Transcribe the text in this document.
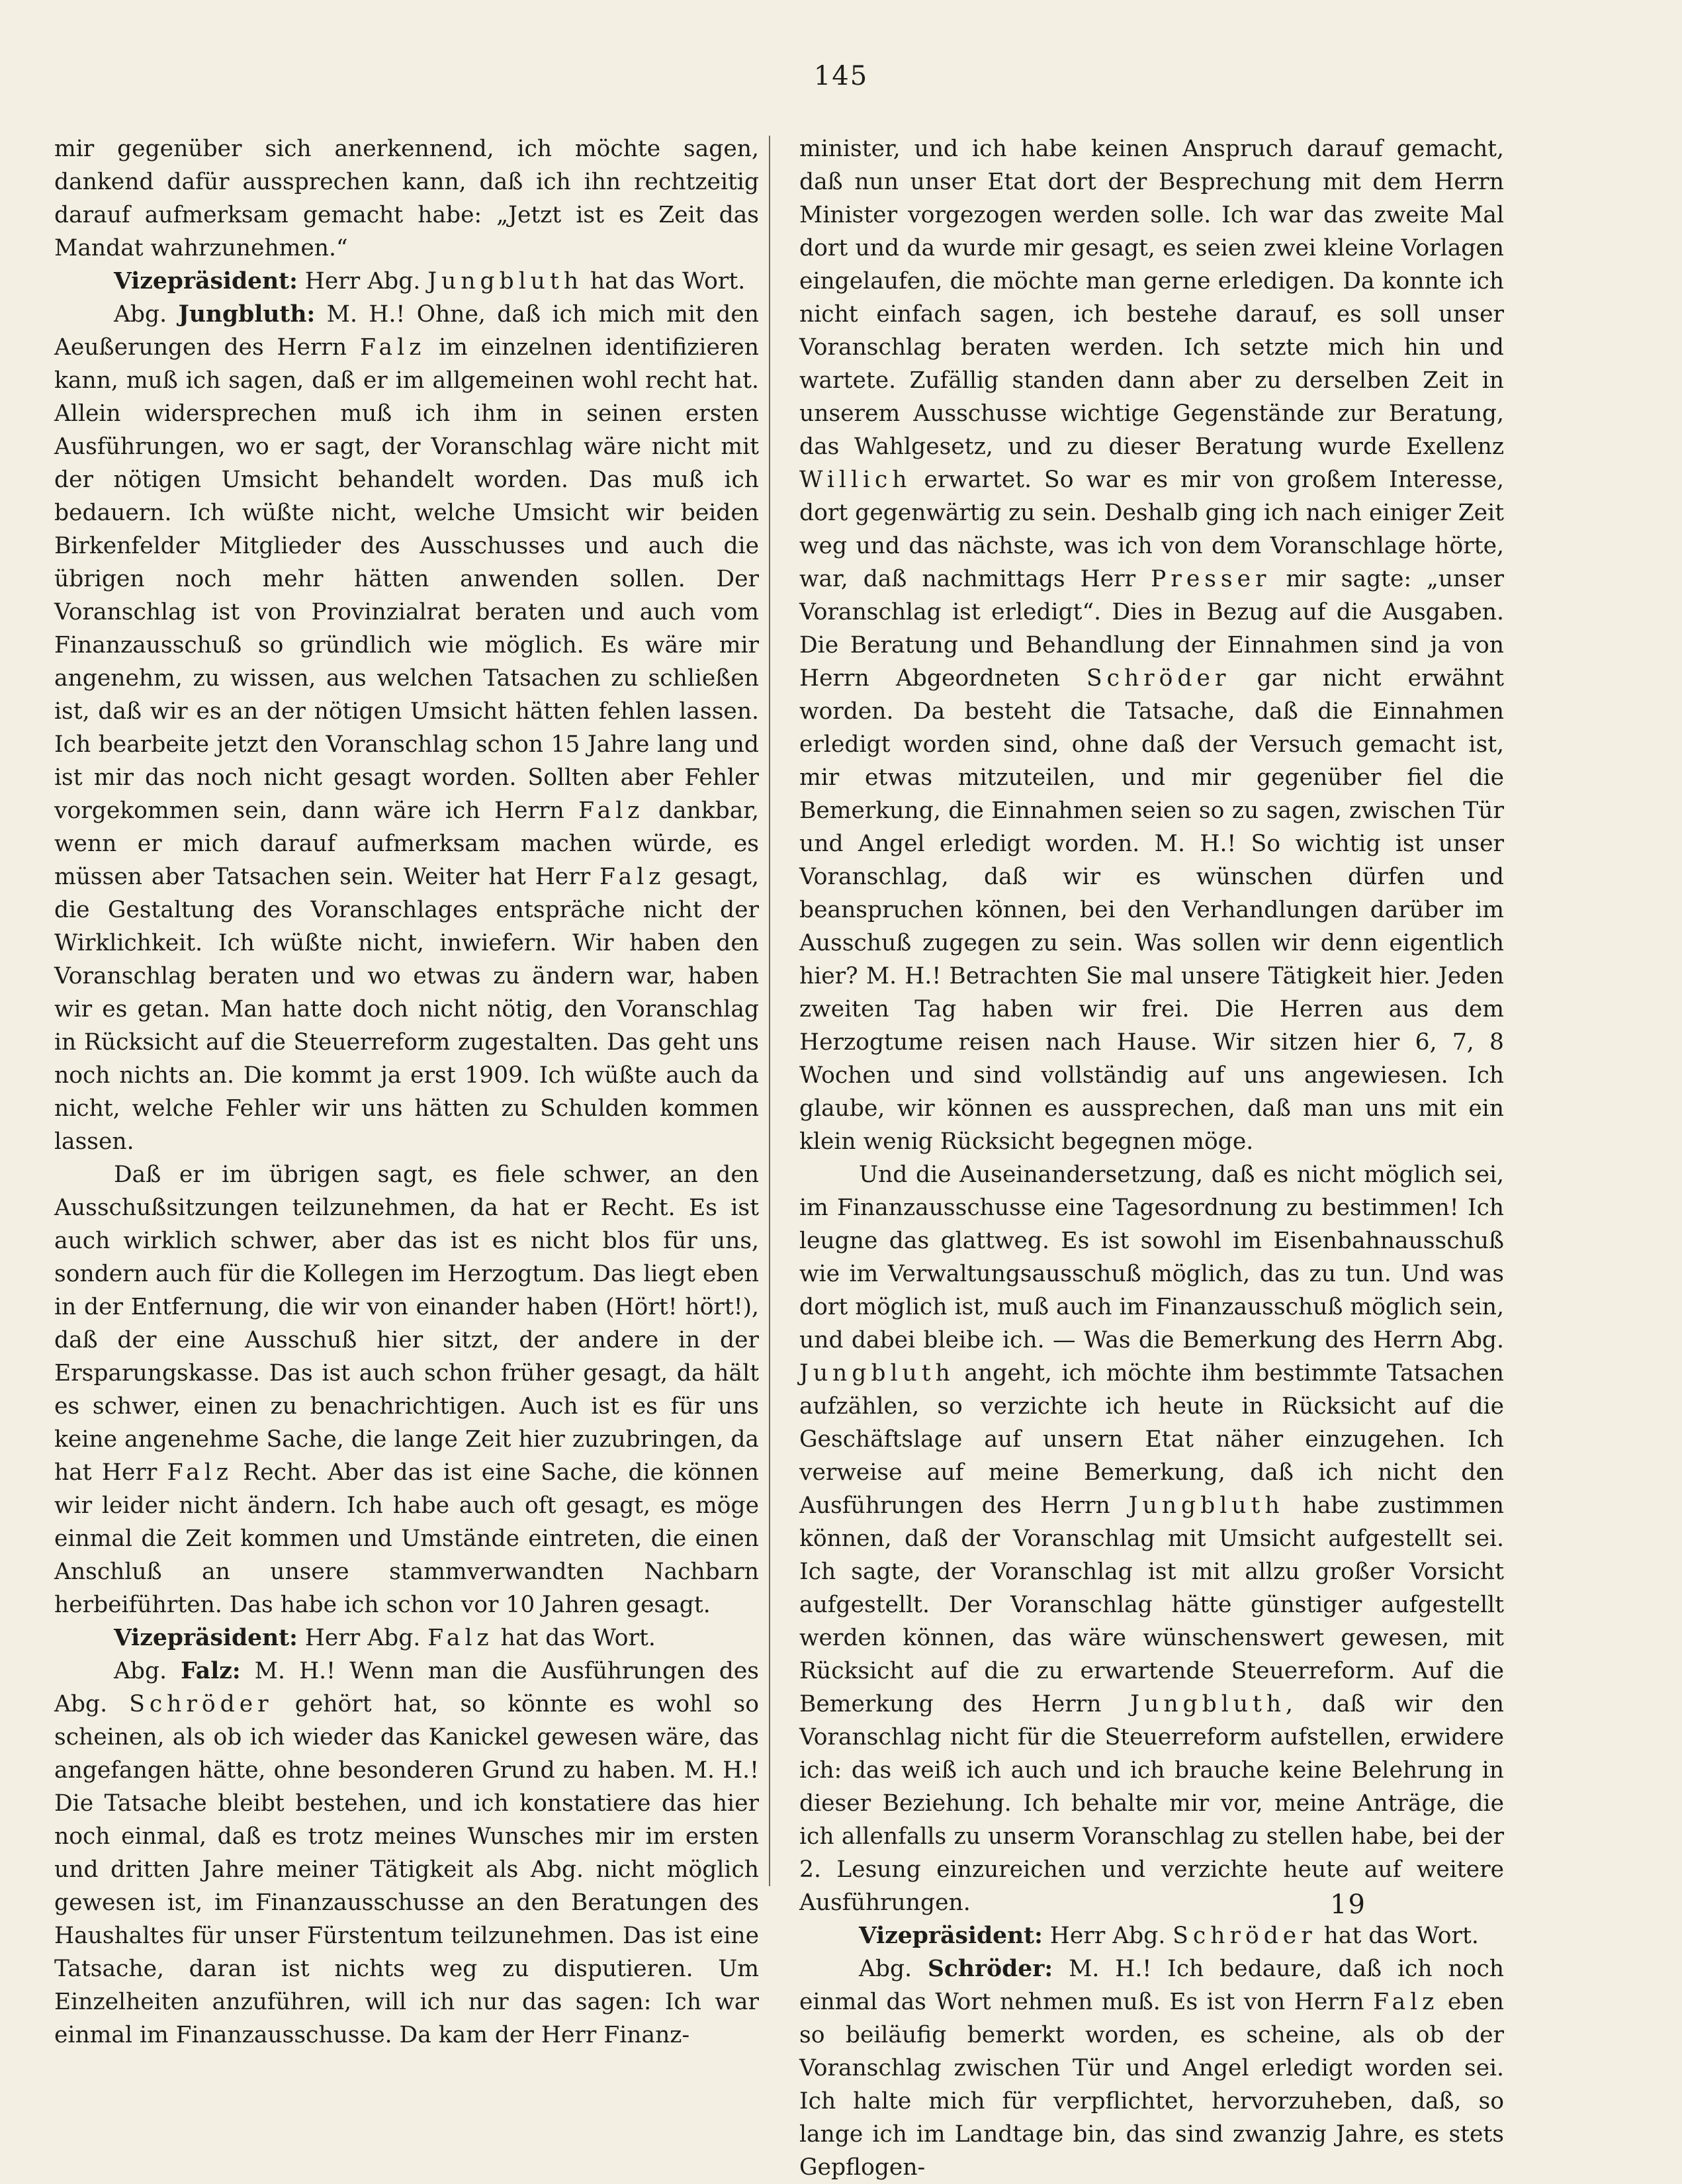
145

mir gegenüber sich anerkennend, ich möchte sagen, dankend dafür aussprechen kann, daß ich ihn rechtzeitig darauf aufmerksam gemacht habe: „Jetzt ist es Zeit das Mandat wahrzunehmen.“

Vizepräsident: Herr Abg. Jungbluth hat das Wort.

Abg. Jungbluth: M. H.! Ohne, daß ich mich mit den Aeußerungen des Herrn Falz im einzelnen identifizieren kann, muß ich sagen, daß er im allgemeinen wohl recht hat. Allein widersprechen muß ich ihm in seinen ersten Ausführungen, wo er sagt, der Voranschlag wäre nicht mit der nötigen Umsicht behandelt worden. Das muß ich bedauern. Ich wüßte nicht, welche Umsicht wir beiden Birkenfelder Mitglieder des Ausschusses und auch die übrigen noch mehr hätten anwenden sollen. Der Voranschlag ist von Provinzialrat beraten und auch vom Finanzausschuß so gründlich wie möglich. Es wäre mir angenehm, zu wissen, aus welchen Tatsachen zu schließen ist, daß wir es an der nötigen Umsicht hätten fehlen lassen. Ich bearbeite jetzt den Voranschlag schon 15 Jahre lang und ist mir das noch nicht gesagt worden. Sollten aber Fehler vorgekommen sein, dann wäre ich Herrn Falz dankbar, wenn er mich darauf aufmerksam machen würde, es müssen aber Tatsachen sein. Weiter hat Herr Falz gesagt, die Gestaltung des Voranschlages entspräche nicht der Wirklichkeit. Ich wüßte nicht, inwiefern. Wir haben den Voranschlag beraten und wo etwas zu ändern war, haben wir es getan. Man hatte doch nicht nötig, den Voranschlag in Rücksicht auf die Steuerreform zugestalten. Das geht uns noch nichts an. Die kommt ja erst 1909. Ich wüßte auch da nicht, welche Fehler wir uns hätten zu Schulden kommen lassen.

Daß er im übrigen sagt, es fiele schwer, an den Ausschußsitzungen teilzunehmen, da hat er Recht. Es ist auch wirklich schwer, aber das ist es nicht blos für uns, sondern auch für die Kollegen im Herzogtum. Das liegt eben in der Entfernung, die wir von einander haben (Hört! hört!), daß der eine Ausschuß hier sitzt, der andere in der Ersparungskasse. Das ist auch schon früher gesagt, da hält es schwer, einen zu benachrichtigen. Auch ist es für uns keine angenehme Sache, die lange Zeit hier zuzubringen, da hat Herr Falz Recht. Aber das ist eine Sache, die können wir leider nicht ändern. Ich habe auch oft gesagt, es möge einmal die Zeit kommen und Umstände eintreten, die einen Anschluß an unsere stammverwandten Nachbarn herbeiführten. Das habe ich schon vor 10 Jahren gesagt.

Vizepräsident: Herr Abg. Falz hat das Wort.

Abg. Falz: M. H.! Wenn man die Ausführungen des Abg. Schröder gehört hat, so könnte es wohl so scheinen, als ob ich wieder das Kanickel gewesen wäre, das angefangen hätte, ohne besonderen Grund zu haben. M. H.! Die Tatsache bleibt bestehen, und ich konstatiere das hier noch einmal, daß es trotz meines Wunsches mir im ersten und dritten Jahre meiner Tätigkeit als Abg. nicht möglich gewesen ist, im Finanzausschusse an den Beratungen des Haushaltes für unser Fürstentum teilzunehmen. Das ist eine Tatsache, daran ist nichts weg zu disputieren. Um Einzelheiten anzuführen, will ich nur das sagen: Ich war einmal im Finanzausschusse. Da kam der Herr Finanz-

minister, und ich habe keinen Anspruch darauf gemacht, daß nun unser Etat dort der Besprechung mit dem Herrn Minister vorgezogen werden solle. Ich war das zweite Mal dort und da wurde mir gesagt, es seien zwei kleine Vorlagen eingelaufen, die möchte man gerne erledigen. Da konnte ich nicht einfach sagen, ich bestehe darauf, es soll unser Voranschlag beraten werden. Ich setzte mich hin und wartete. Zufällig standen dann aber zu derselben Zeit in unserem Ausschusse wichtige Gegenstände zur Beratung, das Wahlgesetz, und zu dieser Beratung wurde Exellenz Willich erwartet. So war es mir von großem Interesse, dort gegenwärtig zu sein. Deshalb ging ich nach einiger Zeit weg und das nächste, was ich von dem Voranschlage hörte, war, daß nachmittags Herr Presser mir sagte: „unser Voranschlag ist erledigt“. Dies in Bezug auf die Ausgaben. Die Beratung und Behandlung der Einnahmen sind ja von Herrn Abgeordneten Schröder gar nicht erwähnt worden. Da besteht die Tatsache, daß die Einnahmen erledigt worden sind, ohne daß der Versuch gemacht ist, mir etwas mitzuteilen, und mir gegenüber fiel die Bemerkung, die Einnahmen seien so zu sagen, zwischen Tür und Angel erledigt worden. M. H.! So wichtig ist unser Voranschlag, daß wir es wünschen dürfen und beanspruchen können, bei den Verhandlungen darüber im Ausschuß zugegen zu sein. Was sollen wir denn eigentlich hier? M. H.! Betrachten Sie mal unsere Tätigkeit hier. Jeden zweiten Tag haben wir frei. Die Herren aus dem Herzogtume reisen nach Hause. Wir sitzen hier 6, 7, 8 Wochen und sind vollständig auf uns angewiesen. Ich glaube, wir können es aussprechen, daß man uns mit ein klein wenig Rücksicht begegnen möge.

Und die Auseinandersetzung, daß es nicht möglich sei, im Finanzausschusse eine Tagesordnung zu bestimmen! Ich leugne das glattweg. Es ist sowohl im Eisenbahnausschuß wie im Verwaltungsausschuß möglich, das zu tun. Und was dort möglich ist, muß auch im Finanzausschuß möglich sein, und dabei bleibe ich. — Was die Bemerkung des Herrn Abg. Jungbluth angeht, ich möchte ihm bestimmte Tatsachen aufzählen, so verzichte ich heute in Rücksicht auf die Geschäftslage auf unsern Etat näher einzugehen. Ich verweise auf meine Bemerkung, daß ich nicht den Ausführungen des Herrn Jungbluth habe zustimmen können, daß der Voranschlag mit Umsicht aufgestellt sei. Ich sagte, der Voranschlag ist mit allzu großer Vorsicht aufgestellt. Der Voranschlag hätte günstiger aufgestellt werden können, das wäre wünschenswert gewesen, mit Rücksicht auf die zu erwartende Steuerreform. Auf die Bemerkung des Herrn Jungbluth, daß wir den Voranschlag nicht für die Steuerreform aufstellen, erwidere ich: das weiß ich auch und ich brauche keine Belehrung in dieser Beziehung. Ich behalte mir vor, meine Anträge, die ich allenfalls zu unserm Voranschlag zu stellen habe, bei der 2. Lesung einzureichen und verzichte heute auf weitere Ausführungen.

Vizepräsident: Herr Abg. Schröder hat das Wort.

Abg. Schröder: M. H.! Ich bedaure, daß ich noch einmal das Wort nehmen muß. Es ist von Herrn Falz eben so beiläufig bemerkt worden, es scheine, als ob der Voranschlag zwischen Tür und Angel erledigt worden sei. Ich halte mich für verpflichtet, hervorzuheben, daß, so lange ich im Landtage bin, das sind zwanzig Jahre, es stets Gepflogen-

19
